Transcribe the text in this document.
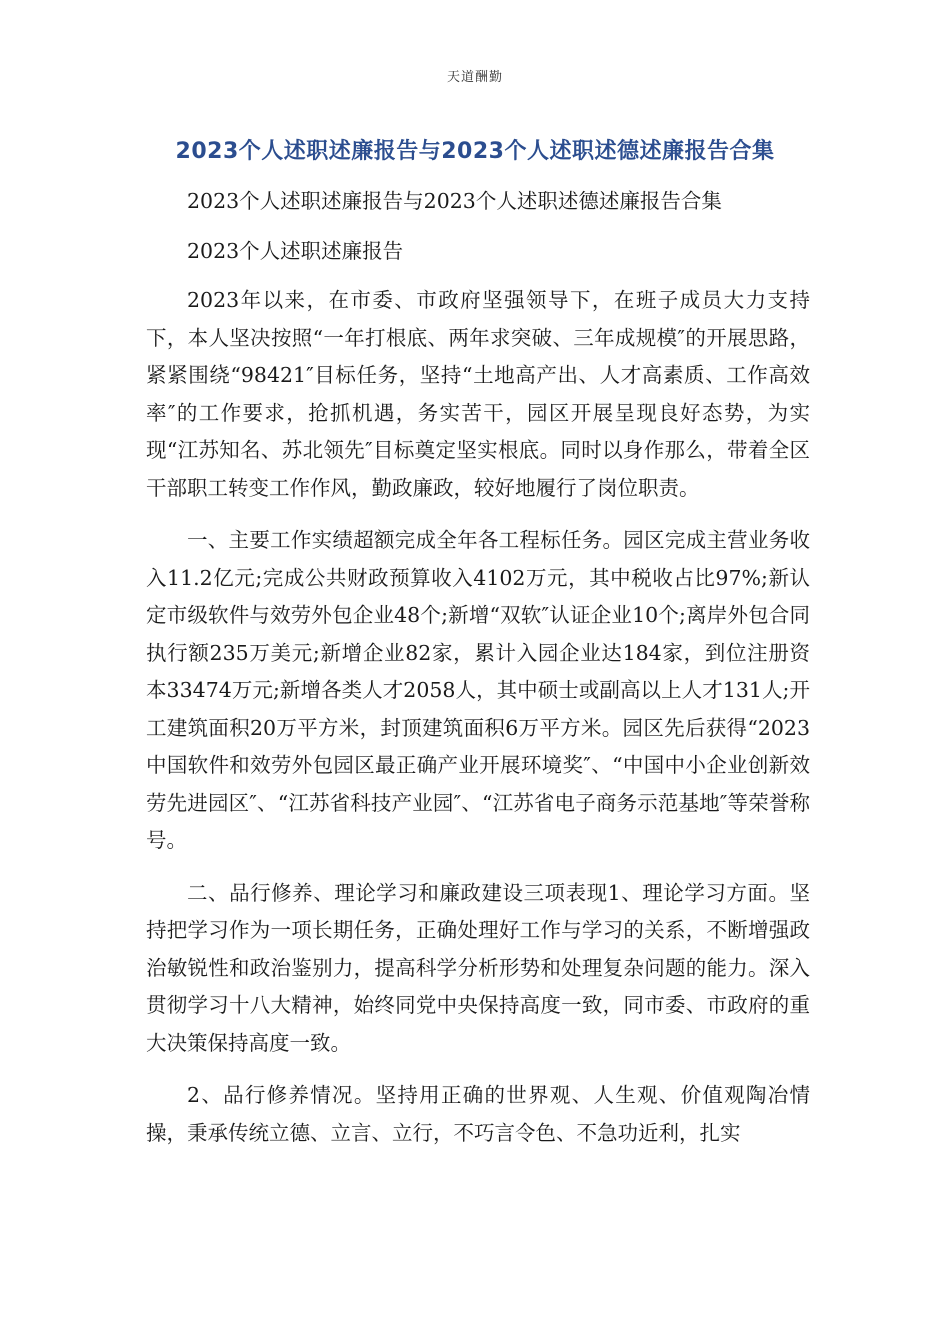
天道酬勤
2023个人述职述廉报告与2023个人述职述德述廉报告合集

2023个人述职述廉报告与2023个人述职述德述廉报告合集

2023个人述职述廉报告

2023年以来，在市委、市政府坚强领导下，在班子成员大力支持下，本人坚决按照“一年打根底、两年求突破、三年成规模″的开展思路，紧紧围绕“98421″目标任务，坚持“土地高产出、人才高素质、工作高效率″的工作要求，抢抓机遇，务实苦干，园区开展呈现良好态势，为实现“江苏知名、苏北领先″目标奠定坚实根底。同时以身作那么，带着全区干部职工转变工作作风，勤政廉政，较好地履行了岗位职责。

一、主要工作实绩超额完成全年各工程标任务。园区完成主营业务收入11.2亿元;完成公共财政预算收入4102万元，其中税收占比97%;新认定市级软件与效劳外包企业48个;新增“双软″认证企业10个;离岸外包合同执行额235万美元;新增企业82家，累计入园企业达184家，到位注册资本33474万元;新增各类人才2058人，其中硕士或副高以上人才131人;开工建筑面积20万平方米，封顶建筑面积6万平方米。园区先后获得“2023中国软件和效劳外包园区最正确产业开展环境奖″、“中国中小企业创新效劳先进园区″、“江苏省科技产业园″、“江苏省电子商务示范基地″等荣誉称号。

二、品行修养、理论学习和廉政建设三项表现1、理论学习方面。坚持把学习作为一项长期任务，正确处理好工作与学习的关系，不断增强政治敏锐性和政治鉴别力，提高科学分析形势和处理复杂问题的能力。深入贯彻学习十八大精神，始终同党中央保持高度一致，同市委、市政府的重大决策保持高度一致。

2、品行修养情况。坚持用正确的世界观、人生观、价值观陶冶情操，秉承传统立德、立言、立行，不巧言令色、不急功近利，扎实
